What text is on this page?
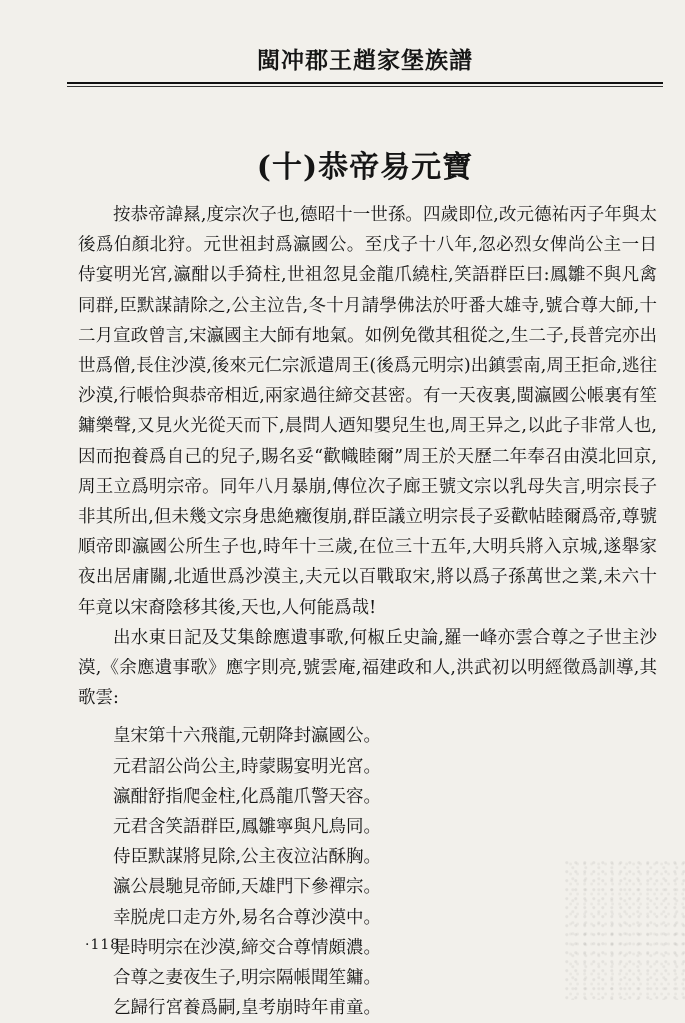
閩冲郡王趙家堡族譜
(十)恭帝易元寶

按恭帝諱㬎,度宗次子也,德昭十一世孫。四歲即位,改元德祐丙子年與太後爲伯顏北狩。元世祖封爲瀛國公。至戊子十八年,忽必烈女俾尚公主一日侍宴明光宮,瀛酣以手猗柱,世祖忽見金龍爪繞柱,笑語群臣曰:鳳雛不與凡禽同群,臣默謀請除之,公主泣告,冬十月請學佛法於吁番大雄寺,號合尊大師,十二月宣政曾言,宋瀛國主大師有地氣。如例免徵其租從之,生二子,長普完亦出世爲僧,長住沙漠,後來元仁宗派遣周王(後爲元明宗)出鎮雲南,周王拒命,逃往沙漠,行帳恰與恭帝相近,兩家過往締交甚密。有一天夜裏,閩瀛國公帳裏有笙鏞樂聲,又見火光從天而下,晨問人迺知嬰兒生也,周王异之,以此子非常人也,因而抱養爲自己的兒子,賜名妥“歡幟睦爾”周王於天歷二年奉召由漠北回京,周王立爲明宗帝。同年八月暴崩,傳位次子廊王號文宗以乳母失言,明宗長子非其所出,但未幾文宗身患絶癥復崩,群臣議立明宗長子妥歡帖睦爾爲帝,尊號順帝即瀛國公所生子也,時年十三歲,在位三十五年,大明兵將入京城,遂舉家夜出居庸關,北遁世爲沙漠主,夫元以百戰取宋,將以爲子孫萬世之業,未六十年竟以宋裔陰移其後,天也,人何能爲哉!

出水東日記及艾集餘應遺事歌,何椒丘史論,羅一峰亦雲合尊之子世主沙漠,《余應遺事歌》應字則亮,號雲庵,福建政和人,洪武初以明經徵爲訓導,其歌雲:

皇宋第十六飛龍,元朝降封瀛國公。
元君詔公尚公主,時蒙賜宴明光宮。
瀛酣舒指爬金柱,化爲龍爪警天容。
元君含笑語群臣,鳳雛寧與凡鳥同。
侍臣默謀將見除,公主夜泣沾酥胸。
瀛公晨馳見帝師,天雄門下參禪宗。
幸脱虎口走方外,易名合尊沙漠中。
是時明宗在沙漠,締交合尊情頗濃。
合尊之妻夜生子,明宗隔帳聞笙鏞。
乞歸行宮養爲嗣,皇考崩時年甫童。
·118·
